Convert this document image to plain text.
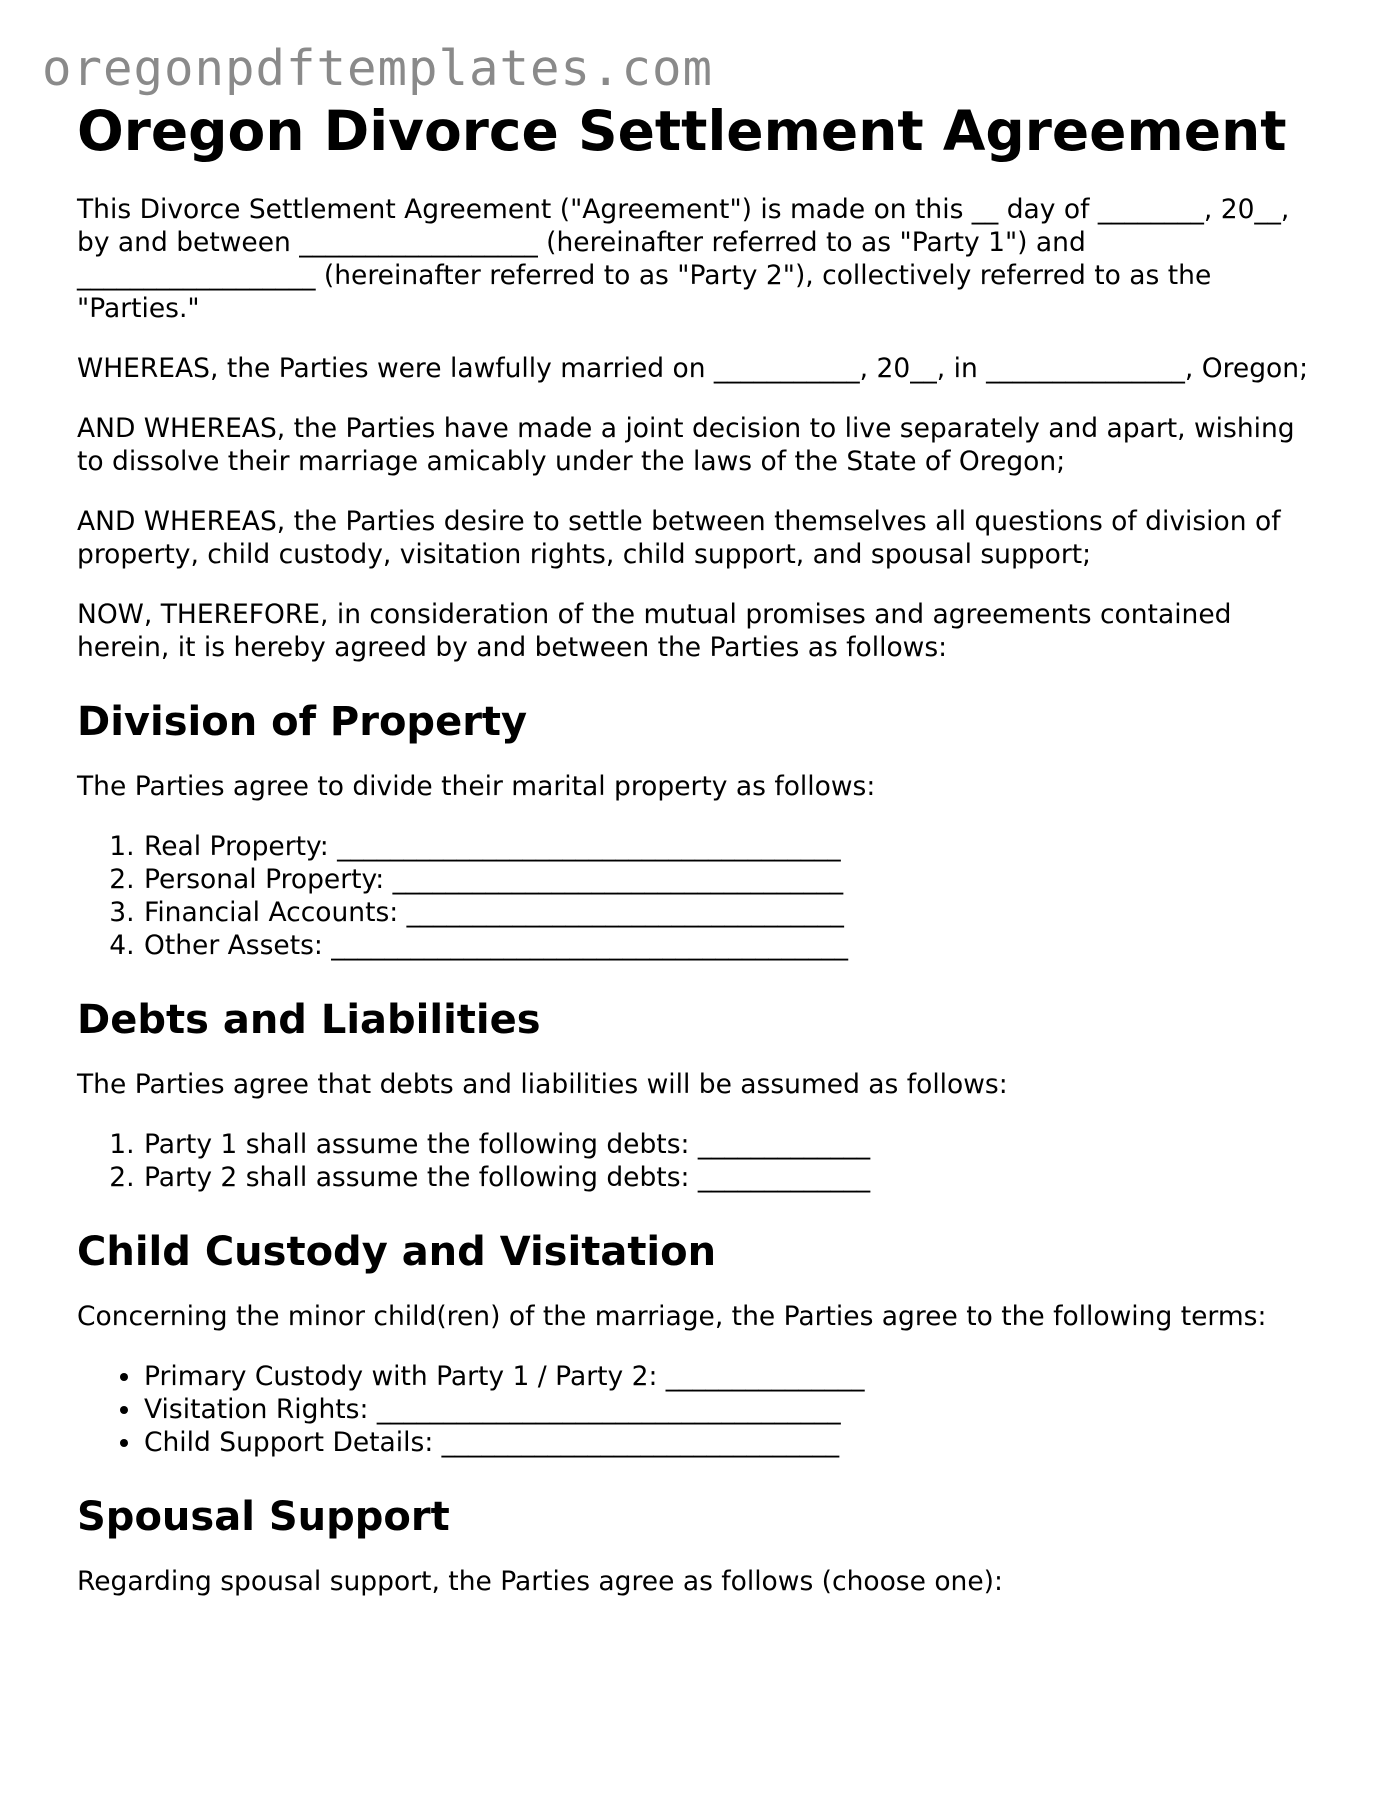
oregonpdftemplates.com
Oregon Divorce Settlement Agreement

This Divorce Settlement Agreement ("Agreement") is made on this __ day of ________, 20__, by and between __________________ (hereinafter referred to as "Party 1") and __________________ (hereinafter referred to as "Party 2"), collectively referred to as the "Parties."

WHEREAS, the Parties were lawfully married on ___________, 20__, in _______________, Oregon;

AND WHEREAS, the Parties have made a joint decision to live separately and apart, wishing to dissolve their marriage amicably under the laws of the State of Oregon;

AND WHEREAS, the Parties desire to settle between themselves all questions of division of property, child custody, visitation rights, child support, and spousal support;

NOW, THEREFORE, in consideration of the mutual promises and agreements contained herein, it is hereby agreed by and between the Parties as follows:

Division of Property

The Parties agree to divide their marital property as follows:

1. Real Property: ______________________________________
2. Personal Property: __________________________________
3. Financial Accounts: _________________________________
4. Other Assets: _______________________________________
Debts and Liabilities

The Parties agree that debts and liabilities will be assumed as follows:

1. Party 1 shall assume the following debts: _____________
2. Party 2 shall assume the following debts: _____________
Child Custody and Visitation

Concerning the minor child(ren) of the marriage, the Parties agree to the following terms:

• Primary Custody with Party 1 / Party 2: _______________
• Visitation Rights: ___________________________________
• Child Support Details: ______________________________
Spousal Support

Regarding spousal support, the Parties agree as follows (choose one):
